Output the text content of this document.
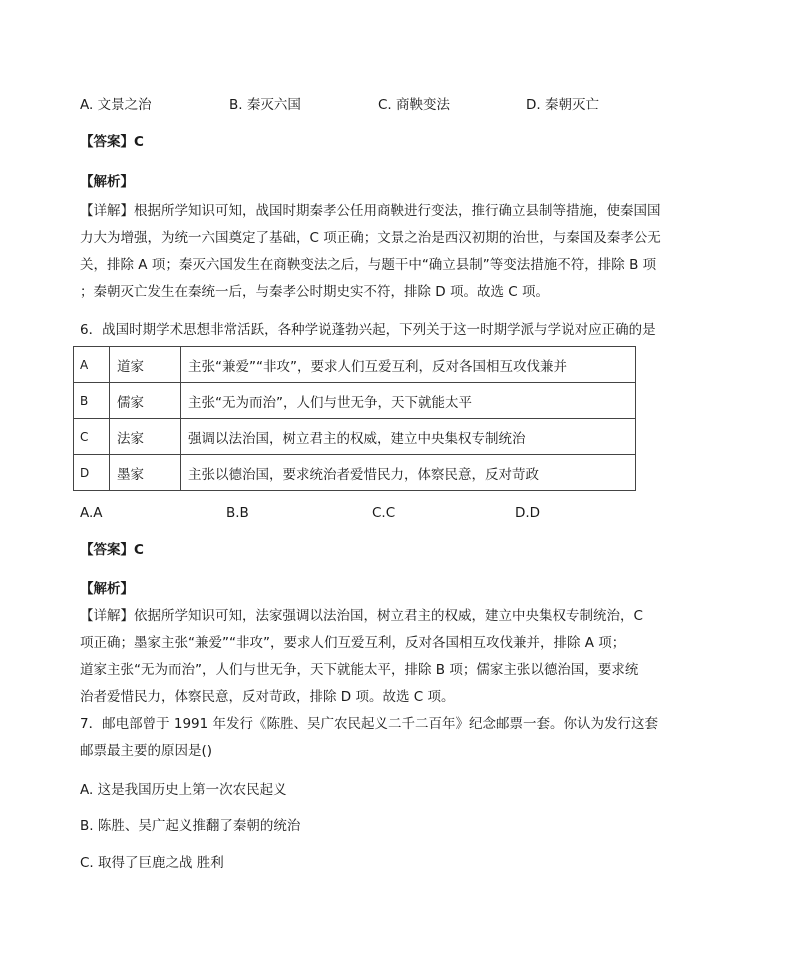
A. 文景之治	B. 秦灭六国	C. 商鞅变法	D. 秦朝灭亡
【答案】C
【解析】
【详解】根据所学知识可知，战国时期秦孝公任用商鞅进行变法，推行确立县制等措施，使秦国国
力大为增强，为统一六国奠定了基础，C 项正确；文景之治是西汉初期的治世，与秦国及秦孝公无
关，排除 A 项；秦灭六国发生在商鞅变法之后，与题干中“确立县制”等变法措施不符，排除 B 项
；秦朝灭亡发生在秦统一后，与秦孝公时期史实不符，排除 D 项。故选 C 项。
6．战国时期学术思想非常活跃，各种学说蓬勃兴起，下列关于这一时期学派与学说对应正确的是
A	道家	主张“兼爱”“非攻”，要求人们互爱互利，反对各国相互攻伐兼并
B	儒家	主张“无为而治”，人们与世无争，天下就能太平
C	法家	强调以法治国，树立君主的权威，建立中央集权专制统治
D	墨家	主张以德治国，要求统治者爱惜民力，体察民意，反对苛政
A.A	B.B	C.C	D.D
【答案】C
【解析】
【详解】依据所学知识可知，法家强调以法治国，树立君主的权威，建立中央集权专制统治，C
项正确；墨家主张“兼爱”“非攻”，要求人们互爱互利，反对各国相互攻伐兼并，排除 A 项；
道家主张“无为而治”，人们与世无争，天下就能太平，排除 B 项；儒家主张以德治国，要求统
治者爱惜民力，体察民意，反对苛政，排除 D 项。故选 C 项。
7．邮电部曾于 1991 年发行《陈胜、吴广农民起义二千二百年》纪念邮票一套。你认为发行这套
邮票最主要的原因是()
A. 这是我国历史上第一次农民起义
B. 陈胜、吴广起义推翻了秦朝的统治
C. 取得了巨鹿之战 胜利
